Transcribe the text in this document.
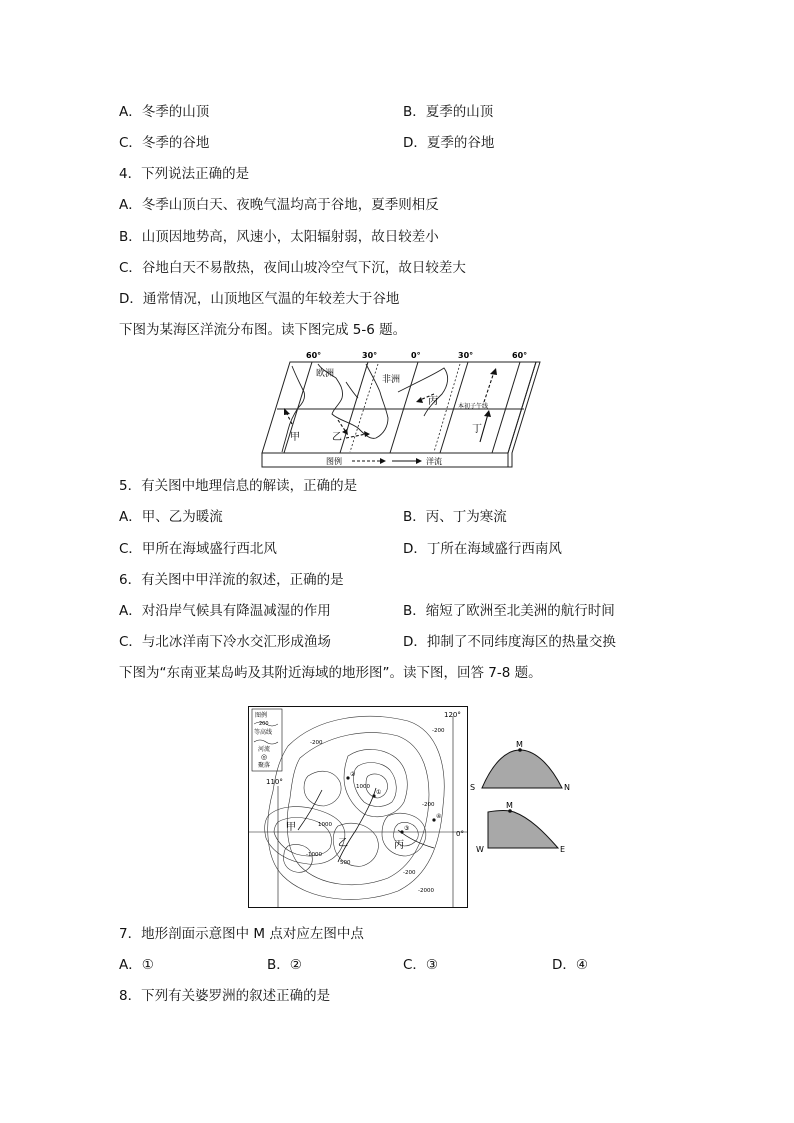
A．冬季的山顶	B．夏季的山顶
C．冬季的谷地	D．夏季的谷地
4．下列说法正确的是
A．冬季山顶白天、夜晚气温均高于谷地，夏季则相反
B．山顶因地势高，风速小，太阳辐射弱，故日较差小
C．谷地白天不易散热，夜间山坡冷空气下沉，故日较差大
D．通常情况，山顶地区气温的年较差大于谷地
下图为某海区洋流分布图。读下图完成 5-6 题。
60°	30°	0°	30°	60°
欧洲
非洲
甲	乙
丙
丁
本初子午线
图例	洋流
5．有关图中地理信息的解读，正确的是
A．甲、乙为暖流	B．丙、丁为寒流
C．甲所在海域盛行西北风	D．丁所在海域盛行西南风
6．有关图中甲洋流的叙述，正确的是
A．对沿岸气候具有降温减湿的作用	B．缩短了欧洲至北美洲的航行时间
C．与北冰洋南下冷水交汇形成渔场	D．抑制了不同纬度海区的热量交换
下图为“东南亚某岛屿及其附近海域的地形图”。读下图，回答 7-8 题。
图例
200
等高线
河流
◎
聚落
120°
110°
0°
-200
-1000
1000
-200
-2000
-200
-200
500
1000
甲
乙	丙
①
②
③
④
M
S	N
M
W	E
7．地形剖面示意图中 M 点对应左图中点
A．①	B．②	C．③	D．④
8．下列有关婆罗洲的叙述正确的是
